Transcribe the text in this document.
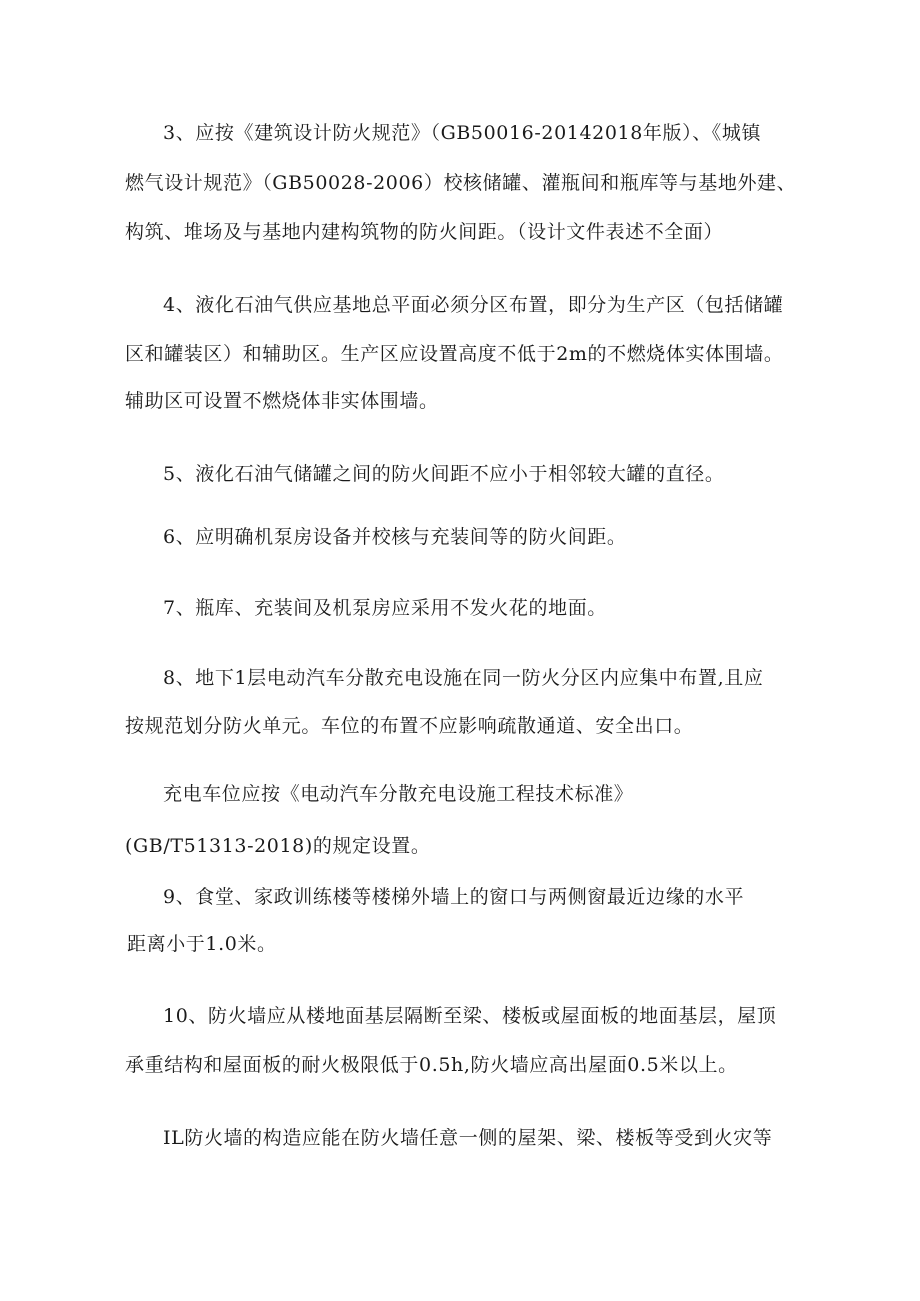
3、应按《建筑设计防火规范》（GB50016-20142018年版）、《城镇
燃气设计规范》（GB50028-2006）校核储罐、灌瓶间和瓶库等与基地外建、
构筑、堆场及与基地内建构筑物的防火间距。（设计文件表述不全面）
4、液化石油气供应基地总平面必须分区布置，即分为生产区（包括储罐
区和罐装区）和辅助区。生产区应设置高度不低于2m的不燃烧体实体围墙。
辅助区可设置不燃烧体非实体围墙。
5、液化石油气储罐之间的防火间距不应小于相邻较大罐的直径。
6、应明确机泵房设备并校核与充装间等的防火间距。
7、瓶库、充装间及机泵房应采用不发火花的地面。
8、地下1层电动汽车分散充电设施在同一防火分区内应集中布置,且应
按规范划分防火单元。车位的布置不应影响疏散通道、安全出口。
充电车位应按《电动汽车分散充电设施工程技术标准》
(GB/T51313-2018)的规定设置。
9、食堂、家政训练楼等楼梯外墙上的窗口与两侧窗最近边缘的水平
距离小于1.0米。
10、防火墙应从楼地面基层隔断至梁、楼板或屋面板的地面基层，屋顶
承重结构和屋面板的耐火极限低于0.5h,防火墙应高出屋面0.5米以上。
IL防火墙的构造应能在防火墙任意一侧的屋架、梁、楼板等受到火灾等
